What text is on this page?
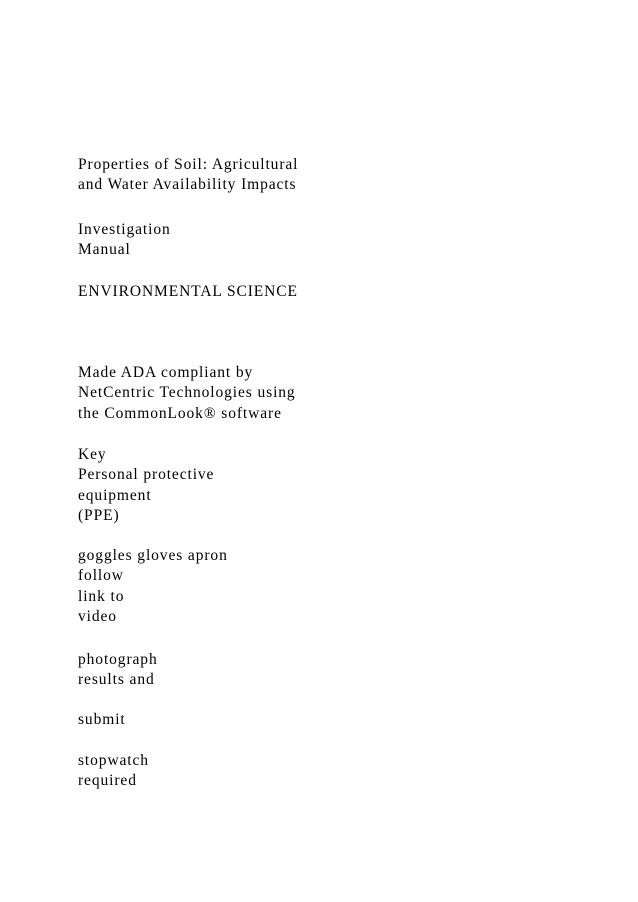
Properties of Soil: Agricultural
and Water Availability Impacts
Investigation
Manual
ENVIRONMENTAL SCIENCE
Made ADA compliant by
NetCentric Technologies using
the CommonLook® software
Key
Personal protective
equipment
(PPE)
goggles gloves apron
follow
link to
video
photograph
results and
submit
stopwatch
required
